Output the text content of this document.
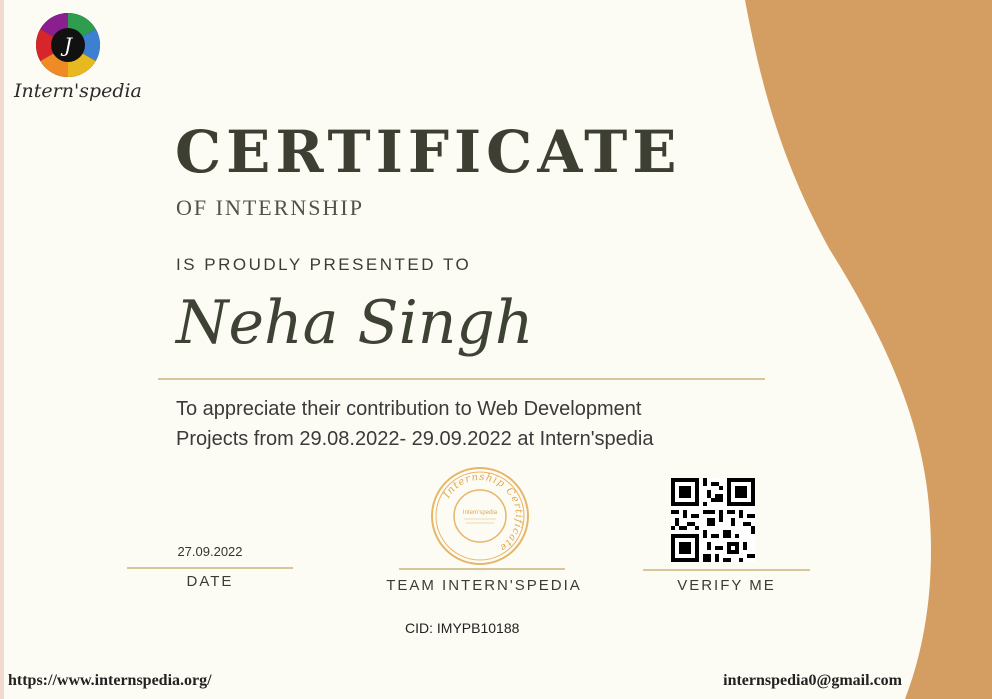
J
Intern'spedia
CERTIFICATE
OF INTERNSHIP
IS PROUDLY PRESENTED TO
Neha Singh
To appreciate their contribution to Web Development
Projects from 29.08.2022- 29.09.2022 at Intern'spedia
Internship Certificate
Intern'spedia
27.09.2022
DATE	TEAM INTERN'SPEDIA	VERIFY ME
CID: IMYPB10188
https://www.internspedia.org/	internspedia0@gmail.com
